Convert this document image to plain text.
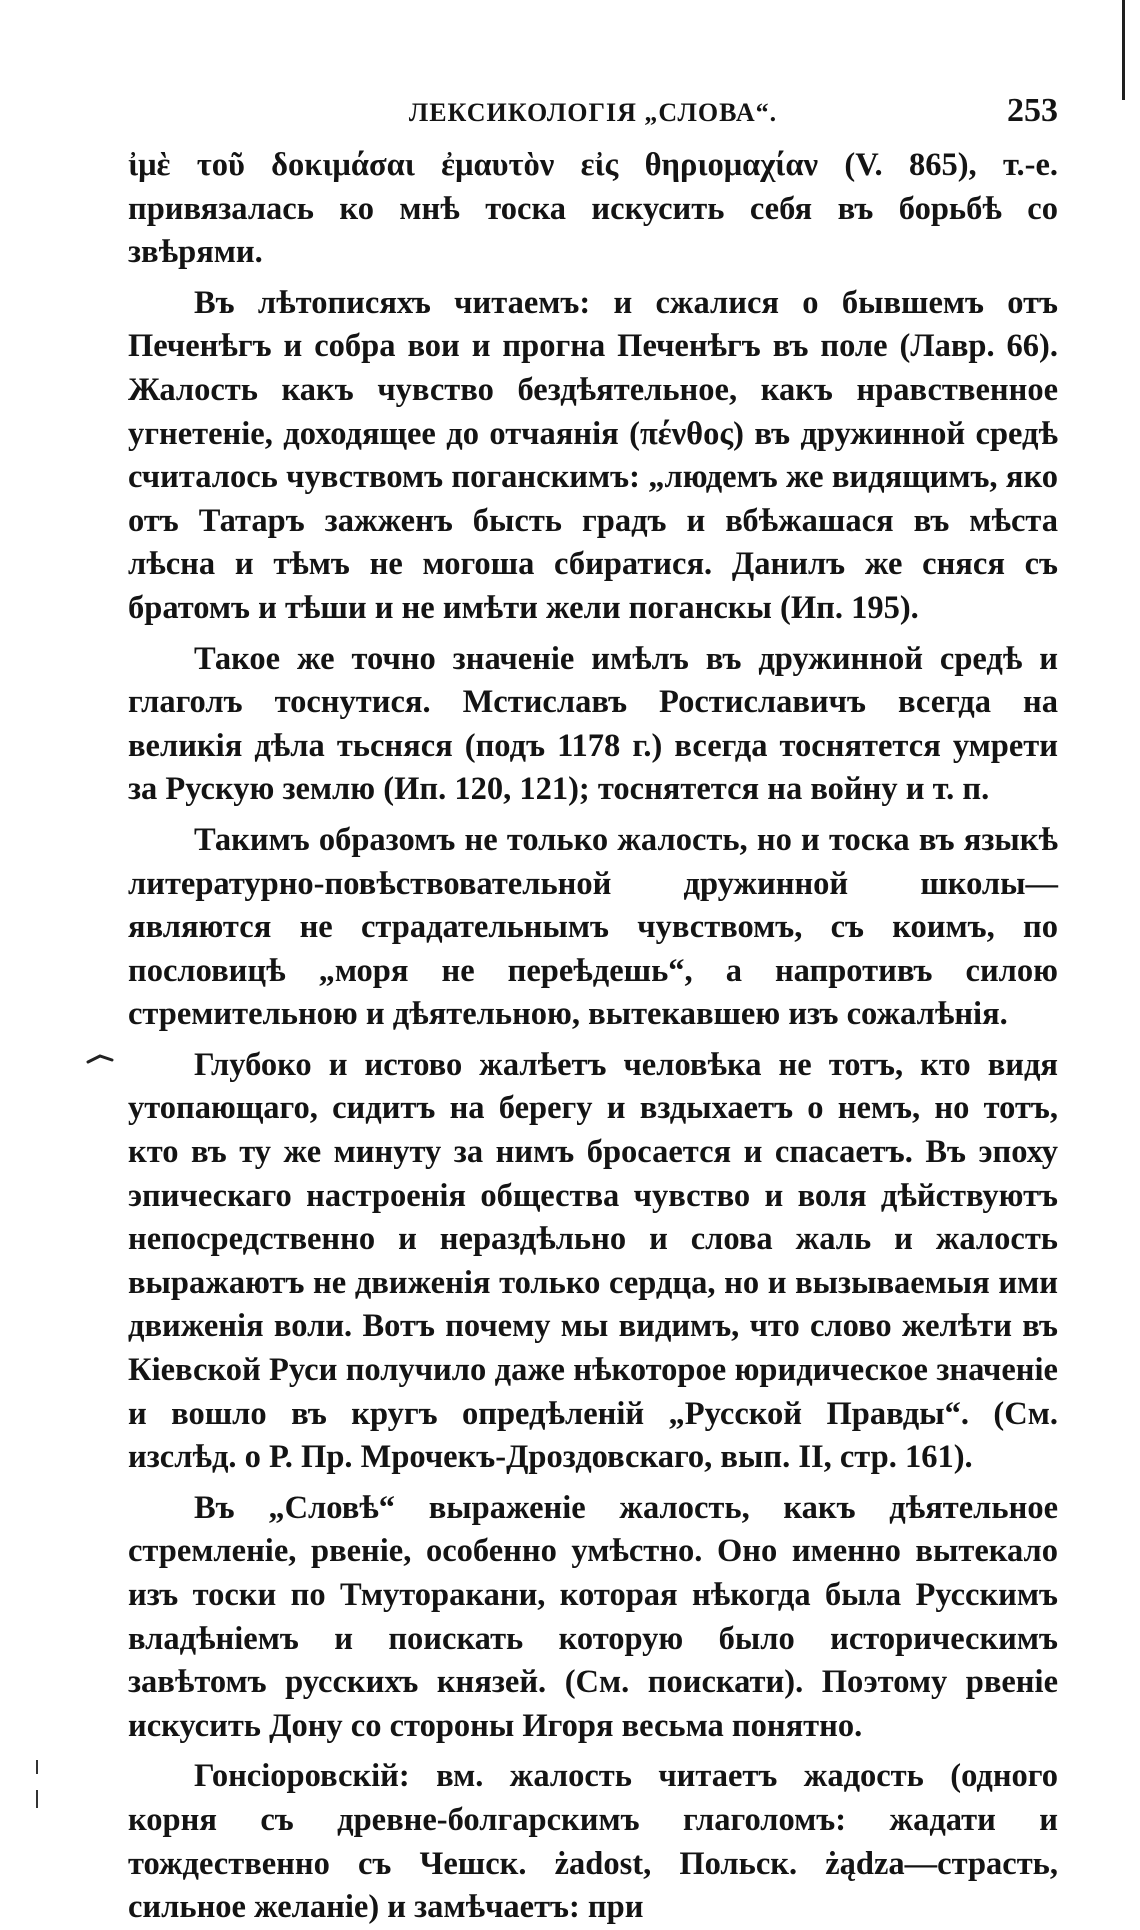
ЛЕКСИКОЛОГІЯ „СЛОВА“.	253

ἰμὲ τοῦ δοκιμάσαι ἐμαυτὸν εἰς θηριομαχίαν (V. 865), т.-е. привязалась ко мнѣ тоска искусить себя въ борьбѣ со звѣрями.

Въ лѣтописяхъ читаемъ: и сжалися о бывшемъ отъ Печенѣгъ и собра вои и прогна Печенѣгъ въ поле (Лавр. 66). Жалость какъ чувство бездѣятельное, какъ нравственное угнетеніе, доходящее до отчаянія (πένθος) въ дружинной средѣ считалось чувствомъ поганскимъ: „людемъ же видящимъ, яко отъ Татаръ зажженъ бысть градъ и вбѣжашася въ мѣста лѣсна и тѣмъ не могоша сбиратися. Данилъ же сняся съ братомъ и тѣши и не имѣти жели поганскы (Ип. 195).

Такое же точно значеніе имѣлъ въ дружинной средѣ и глаголъ тоснутися. Мстиславъ Ростиславичъ всегда на великія дѣла тьсняся (подъ 1178 г.) всегда тоснятется умрети за Рускую землю (Ип. 120, 121); тоснятется на войну и т. п.

Такимъ образомъ не только жалость, но и тоска въ языкѣ литературно-повѣствовательной дружинной школы—являются не страдательнымъ чувствомъ, съ коимъ, по пословицѣ „моря не переѣдешь“, а напротивъ силою стремительною и дѣятельною, вытекавшею изъ сожалѣнія.

Глубоко и истово жалѣетъ человѣка не тотъ, кто видя утопающаго, сидитъ на берегу и вздыхаетъ о немъ, но тотъ, кто въ ту же минуту за нимъ бросается и спасаетъ. Въ эпоху эпическаго настроенія общества чувство и воля дѣйствуютъ непосредственно и нераздѣльно и слова жаль и жалость выражаютъ не движенія только сердца, но и вызываемыя ими движенія воли. Вотъ почему мы видимъ, что слово желѣти въ Кіевской Руси получило даже нѣкоторое юридическое значеніе и вошло въ кругъ опредѣленій „Русской Правды“. (См. изслѣд. о Р. Пр. Мрочекъ-Дроздовскаго, вып. II, стр. 161).

Въ „Словѣ“ выраженіе жалость, какъ дѣятельное стремленіе, рвеніе, особенно умѣстно. Оно именно вытекало изъ тоски по Тмуторакани, которая нѣкогда была Русскимъ владѣніемъ и поискать которую было историческимъ завѣтомъ русскихъ князей. (См. поискати). Поэтому рвеніе искусить Дону со стороны Игоря весьма понятно.

Гонсіоровскій: вм. жалость читаетъ жадость (одного корня съ древне-болгарскимъ глаголомъ: жадати и тождественно съ Чешск. żadost, Польск. żądza—страсть, сильное желаніе) и замѣчаетъ: при
